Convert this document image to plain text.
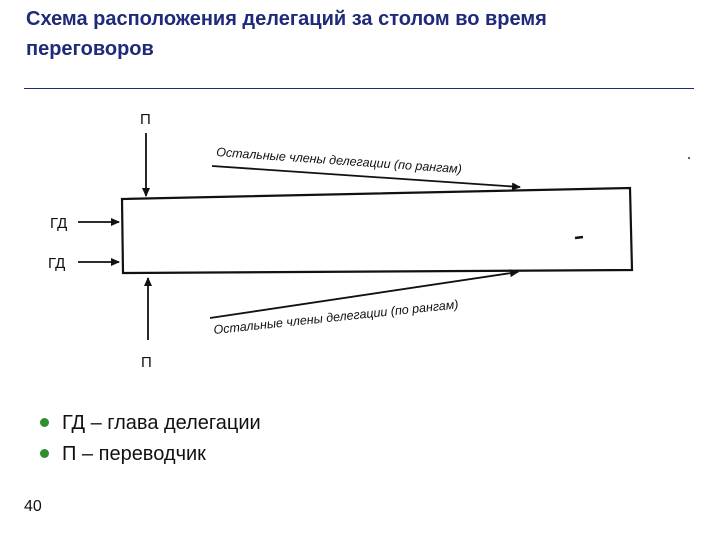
Схема расположения делегаций за столом во время переговоров
П
ГД
ГД
П
Остальные члены делегации (по рангам)
Остальные члены делегации (по рангам)
ГД – глава делегации
П – переводчик
40
